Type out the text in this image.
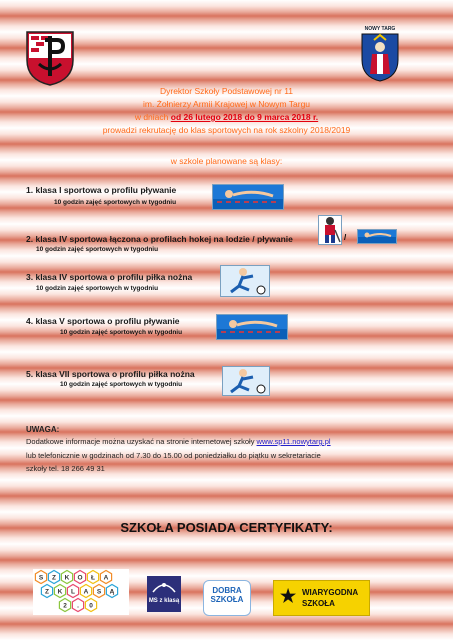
NOWY TARG
Dyrektor Szkoły Podstawowej nr 11
im. Żołnierzy Armii Krajowej w Nowym Targu
w dniach od 26 lutego 2018 do 9 marca 2018 r.
prowadzi rekrutację do klas sportowych na rok szkolny 2018/2019
w szkole planowane są klasy:
1. klasa I sportowa o profilu pływanie
10 godzin zajęć sportowych w tygodniu
2. klasa IV sportowa łączona o profilach hokej na lodzie / pływanie
10 godzin zajęć sportowych w tygodniu
/
3. klasa IV sportowa o profilu piłka nożna
10 godzin zajęć sportowych w tygodniu
4. klasa V sportowa o profilu pływanie
10 godzin zajęć sportowych w tygodniu
5. klasa VII sportowa o profilu piłka nożna
10 godzin zajęć sportowych w tygodniu
UWAGA:
Dodatkowe informacje można uzyskać na stronie internetowej szkoły www.sp11.nowytarg.pl
lub telefonicznie w godzinach od 7.30 do 15.00 od poniedziałku do piątku w sekretariacie
szkoły tel. 18 266 49 31
SZKOŁA POSIADA CERTYFIKATY:
S Z K O Ł A
Z K L A S Ą
2 . 0
MS z klasą
DOBRA
SZKOŁA	★ WIARYGODNA
SZKOŁA
